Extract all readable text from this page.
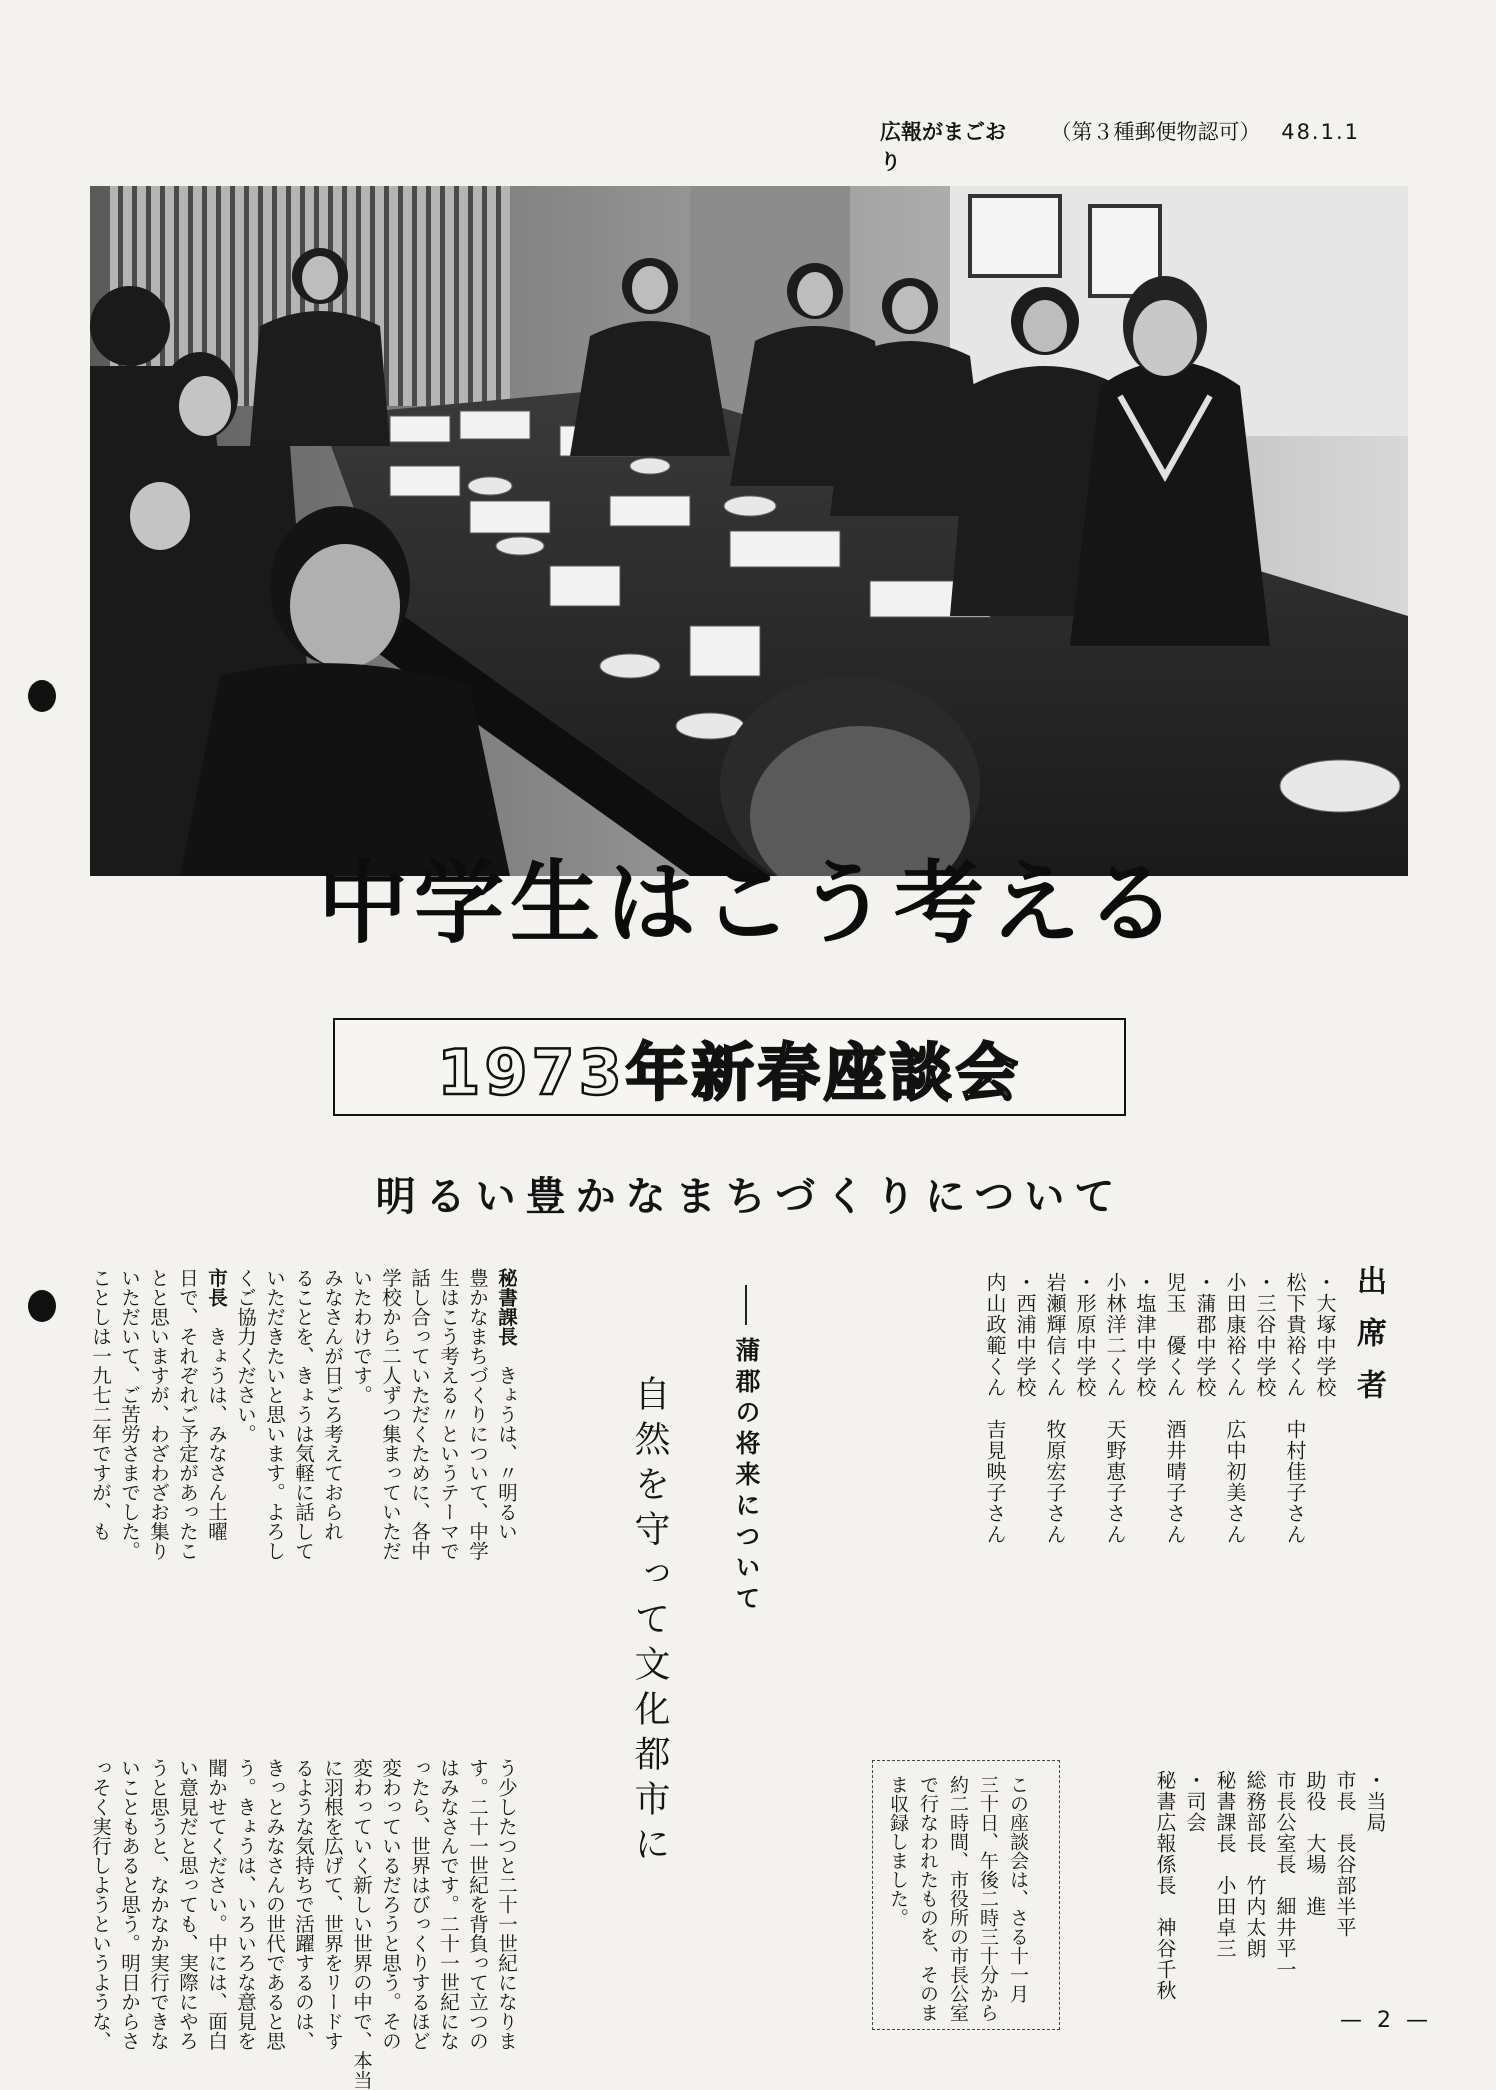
広報がまごおり
（第３種郵便物認可） 48.1.1
中学生はこう考える
1973年新春座談会
明るい豊かなまちづくりについて
出席者
・大塚中学校
松下貴裕くん　中村佳子さん
・三谷中学校
小田康裕くん　広中初美さん
・蒲郡中学校
児玉　優くん　酒井晴子さん
・塩津中学校
小林洋二くん　天野恵子さん
・形原中学校
岩瀬輝信くん　牧原宏子さん
・西浦中学校
内山政範くん　吉見映子さん
・当局
市長　長谷部半平
助役　大場　進
市長公室長　細井平一
総務部長　竹内太朗
秘書課長　小田卓三
・司会
秘書広報係長　神谷千秋
この座談会は、さる十一月
三十日、午後二時三十分から
約二時間、市役所の市長公室
で行なわれたものを、そのま
ま収録しました。
蒲郡の将来について
自然を守って文化都市に
秘書課長　きょうは、〃明るい
豊かなまちづくりについて、中学
生はこう考える〃というテーマで
話し合っていただくために、各中
学校から二人ずつ集まっていただ
いたわけです。
みなさんが日ごろ考えておられ
ることを、きょうは気軽に話して
いただきたいと思います。よろし
くご協力ください。
市長　きょうは、みなさん土曜
日で、それぞれご予定があったこ
とと思いますが、わざわざお集り
いただいて、ご苦労さまでした。
ことしは一九七二年ですが、も
う少したつと二十一世紀になりま
す。二十一世紀を背負って立つの
はみなさんです。二十一世紀にな
ったら、世界はびっくりするほど
変わっているだろうと思う。その
変わっていく新しい世界の中で、本当
に羽根を広げて、世界をリードす
るような気持ちで活躍するのは、
きっとみなさんの世代であると思
う。きょうは、いろいろな意見を
聞かせてください。中には、面白
い意見だと思っても、実際にやろ
うと思うと、なかなか実行できな
いこともあると思う。明日からさ
っそく実行しようというような、	— 2 —
